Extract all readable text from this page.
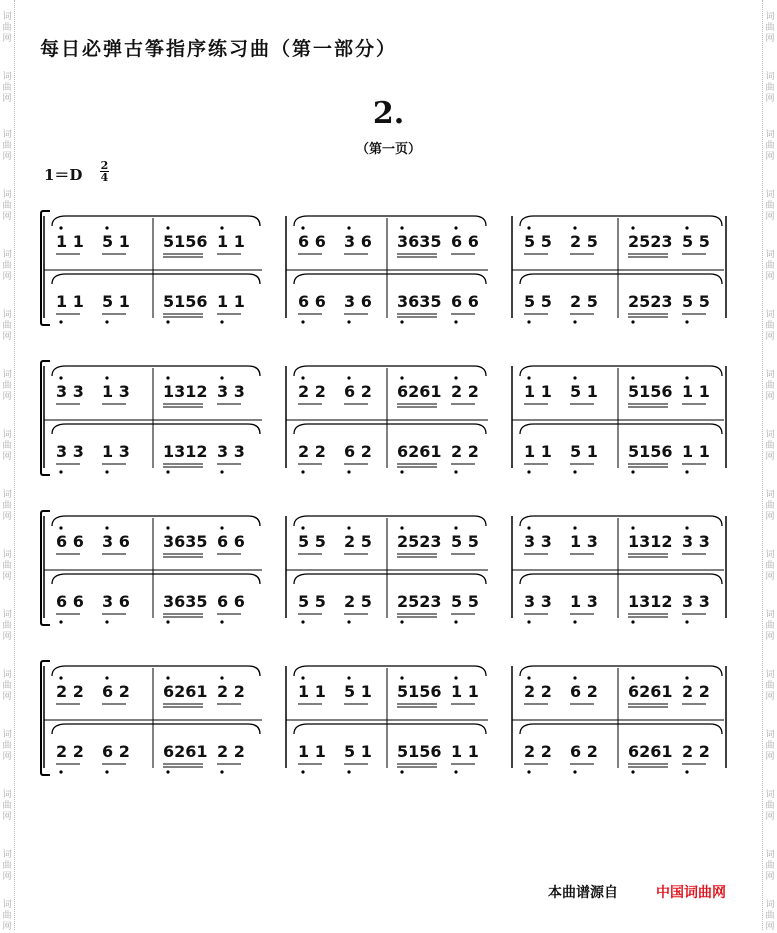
词
曲
网
词
曲
网
词
曲
网
词
曲
网
词
曲
网
词
曲
网
词
曲
网
词
曲
网
词
曲
网
词
曲
网
词
曲
网
词
曲
网
词
曲
网
词
曲
网
词
曲
网
词
曲
网
词
曲
网
词
曲
网
词
曲
网
词
曲
网
词
曲
网
词
曲
网
词
曲
网
词
曲
网
词
曲
网
词
曲
网
词
曲
网
词
曲
网
词
曲
网
词
曲
网
词
曲
网
词
曲
网
每日必弹古筝指序练习曲（第一部分）
2.
（第一页）
1＝D
2
4
1 1 5 1 5156 1 1
1 1 5 1 5156 1 1
6 6 3 6 3635 6 6
6 6 3 6 3635 6 6
5 5 2 5 2523 5 5
5 5 2 5 2523 5 5
3 3 1 3 1312 3 3
3 3 1 3 1312 3 3
2 2 6 2 6261 2 2
2 2 6 2 6261 2 2
1 1 5 1 5156 1 1
1 1 5 1 5156 1 1
6 6 3 6 3635 6 6
6 6 3 6 3635 6 6
5 5 2 5 2523 5 5
5 5 2 5 2523 5 5
3 3 1 3 1312 3 3
3 3 1 3 1312 3 3
2 2 6 2 6261 2 2
2 2 6 2 6261 2 2
1 1 5 1 5156 1 1
1 1 5 1 5156 1 1
2 2 6 2 6261 2 2
2 2 6 2 6261 2 2
本曲谱源自	中国词曲网
